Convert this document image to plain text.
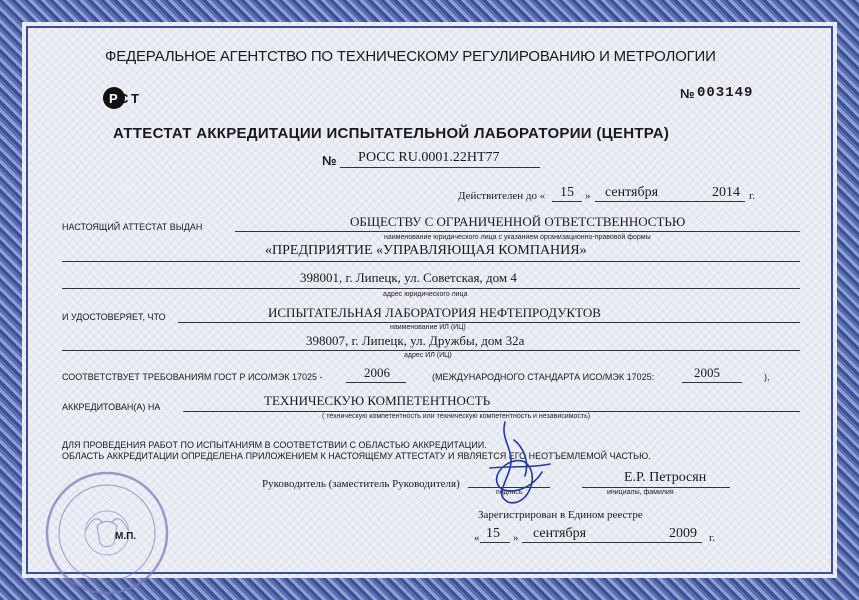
ФЕДЕРАЛЬНОЕ АГЕНТСТВО ПО ТЕХНИЧЕСКОМУ РЕГУЛИРОВАНИЮ И МЕТРОЛОГИИ
Р С Т	№ 003149
АТТЕСТАТ АККРЕДИТАЦИИ ИСПЫТАТЕЛЬНОЙ ЛАБОРАТОРИИ (ЦЕНТРА)
№ РОСС RU.0001.22НТ77
Действителен до « 15 » сентября	2014 г.
НАСТОЯЩИЙ АТТЕСТАТ ВЫДАН	ОБЩЕСТВУ С ОГРАНИЧЕННОЙ ОТВЕТСТВЕННОСТЬЮ
наименование юридического лица с указанием организационно-правовой формы
«ПРЕДПРИЯТИЕ «УПРАВЛЯЮЩАЯ КОМПАНИЯ»
398001, г. Липецк, ул. Советская, дом 4
адрес юридического лица
И УДОСТОВЕРЯЕТ, ЧТО	ИСПЫТАТЕЛЬНАЯ ЛАБОРАТОРИЯ НЕФТЕПРОДУКТОВ
наименование ИЛ (ИЦ)
398007, г. Липецк, ул. Дружбы, дом 32а
адрес ИЛ (ИЦ)
СООТВЕТСТВУЕТ ТРЕБОВАНИЯМ ГОСТ Р ИСО/МЭК 17025 -	2006	(МЕЖДУНАРОДНОГО СТАНДАРТА ИСО/МЭК 17025:	2005	),
АККРЕДИТОВАН(А) НА	ТЕХНИЧЕСКУЮ КОМПЕТЕНТНОСТЬ
( техническую компетентность или техническую компетентность и независимость)
ДЛЯ ПРОВЕДЕНИЯ РАБОТ ПО ИСПЫТАНИЯМ В СООТВЕТСТВИИ С ОБЛАСТЬЮ АККРЕДИТАЦИИ.
ОБЛАСТЬ АККРЕДИТАЦИИ ОПРЕДЕЛЕНА ПРИЛОЖЕНИЕМ К НАСТОЯЩЕМУ АТТЕСТАТУ И ЯВЛЯЕТСЯ ЕГО НЕОТЪЕМЛЕМОЙ ЧАСТЬЮ.
Руководитель (заместитель Руководителя)
подпись
Е.Р. Петросян
инициалы, фамилия
Зарегистрирован в Едином реестре
« 15 » сентября	2009 г.
М.П.
